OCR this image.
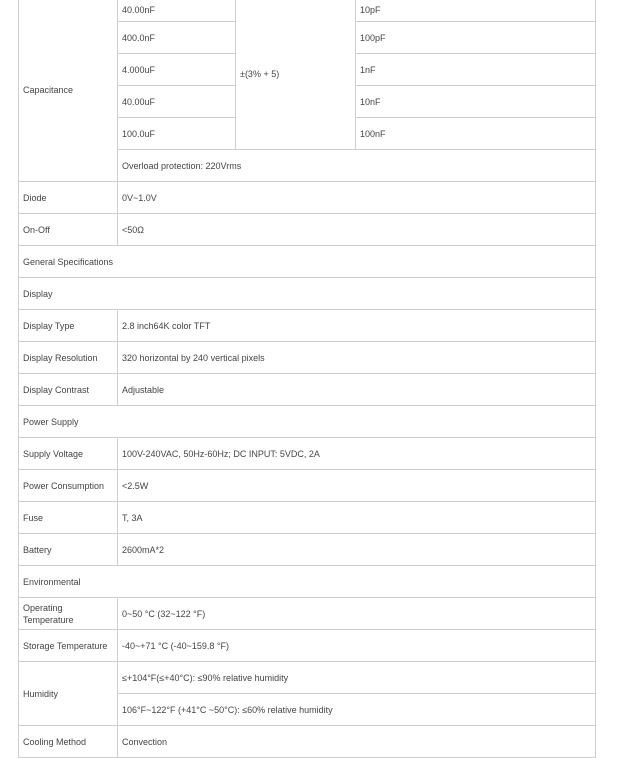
Capacitance	40.00nF	±(3% + 5)	10pF
	400.0nF		100pF
	4.000uF		1nF
	40.00uF		10nF
	100.0uF		100nF
	Overload protection: 220Vrms		
Diode	0V~1.0V		
On-Off	<50Ω		
General Specifications			
Display			
Display Type	2.8 inch64K color TFT		
Display Resolution	320 horizontal by 240 vertical pixels		
Display Contrast	Adjustable		
Power Supply			
Supply Voltage	100V-240VAC, 50Hz-60Hz; DC INPUT: 5VDC, 2A		
Power Consumption	<2.5W		
Fuse	T, 3A		
Battery	2600mA*2		
Environmental			
Operating Temperature	0~50 °C (32~122 °F)		
Storage Temperature	-40~+71 °C (-40~159.8 °F)		
Humidity	≤+104°F(≤+40°C): ≤90% relative humidity		
	106°F~122°F (+41°C ~50°C): ≤60% relative humidity		
Cooling Method	Convection		
